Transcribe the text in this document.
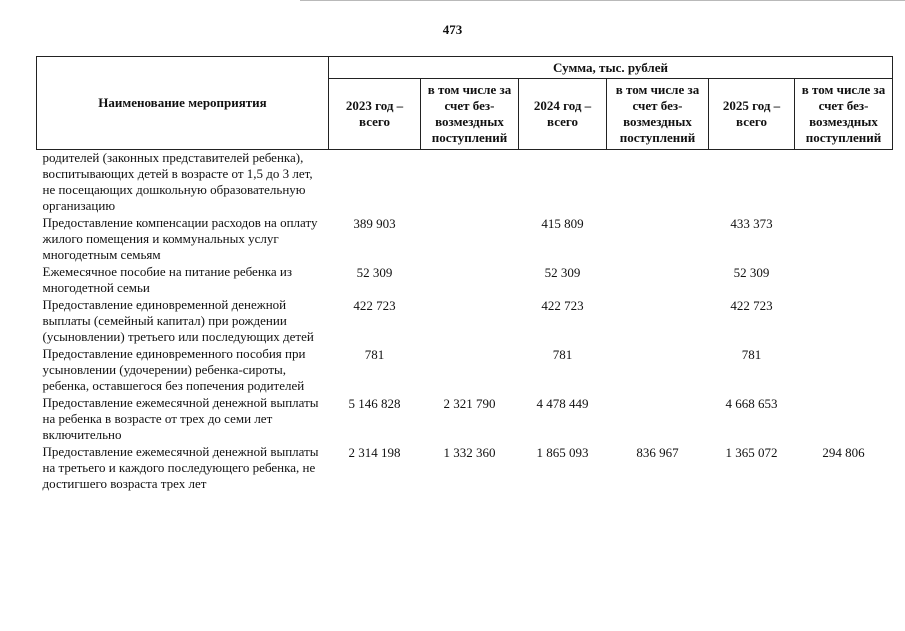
473
Наименование мероприятия	Сумма, тыс. рублей					
	2023 год – всего	в том числе за счет без-возмездных поступлений	2024 год – всего	в том числе за счет без-возмездных поступлений	2025 год – всего	в том числе за счет без-возмездных поступлений
родителей (законных представителей ребенка), воспитывающих детей в возрасте от 1,5 до 3 лет, не посещающих дошкольную образовательную организацию						
Предоставление компенсации расходов на оплату жилого помещения и коммунальных услуг многодетным семьям	389 903		415 809		433 373	
Ежемесячное пособие на питание ребенка из многодетной семьи	52 309		52 309		52 309	
Предоставление единовременной денежной выплаты (семейный капитал) при рождении (усыновлении) третьего или последующих детей	422 723		422 723		422 723	
Предоставление единовременного пособия при усыновлении (удочерении) ребенка-сироты, ребенка, оставшегося без попечения родителей	781		781		781	
Предоставление ежемесячной денежной выплаты на ребенка в возрасте от трех до семи лет включительно	5 146 828	2 321 790	4 478 449		4 668 653	
Предоставление ежемесячной денежной выплаты на третьего и каждого последующего ребенка, не достигшего возраста трех лет	2 314 198	1 332 360	1 865 093	836 967	1 365 072	294 806
